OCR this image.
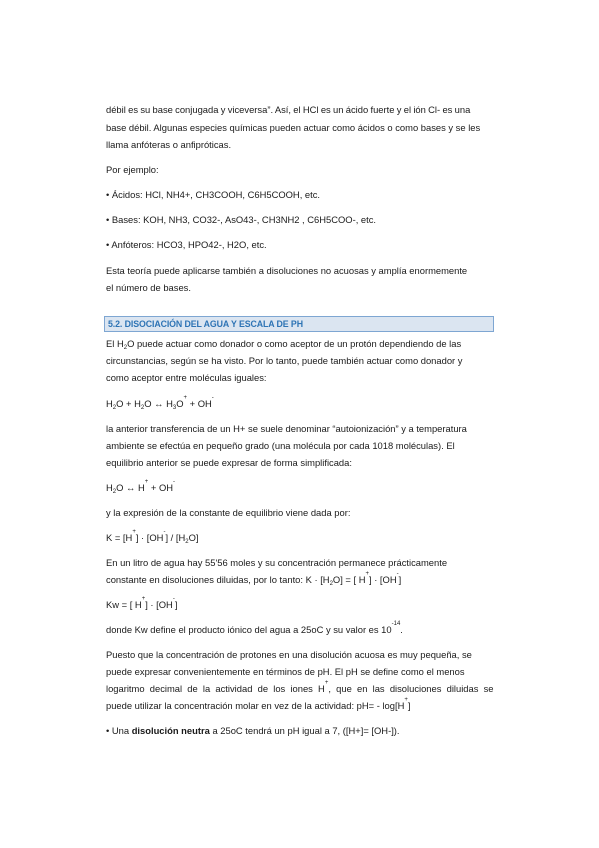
débil es su base conjugada y viceversa”. Así, el HCl es un ácido fuerte y el ión Cl- es una

base débil. Algunas especies químicas pueden actuar como ácidos o como bases y se les

llama anfóteras o anfipróticas.

Por ejemplo:

• Ácidos: HCl, NH4+, CH3COOH, C6H5COOH, etc.

• Bases: KOH, NH3, CO32-, AsO43-, CH3NH2 , C6H5COO-, etc.

• Anfóteros: HCO3, HPO42-, H2O, etc.

Esta teoría puede aplicarse también a disoluciones no acuosas y amplía enormemente

el número de bases.

5.2. DISOCIACIÓN DEL AGUA Y ESCALA DE PH

El $H_2O$ puede actuar como donador o como aceptor de un protón dependiendo de las

circunstancias, según se ha visto. Por lo tanto, puede también actuar como donador y

como aceptor entre moléculas iguales:

$H_2O + H_2O$ ↔ $H_3O^+ + OH^-$

la anterior transferencia de un H+ se suele denominar “autoionización” y a temperatura

ambiente se efectúa en pequeño grado (una molécula por cada 1018 moléculas). El

equilibrio anterior se puede expresar de forma simplificada:

$H_2O$ ↔ H+ + OH-

y la expresión de la constante de equilibrio viene dada por:

$K = [H^+] \cdot [OH^-] / [H_2O]$

En un litro de agua hay 55'56 moles y su concentración permanece prácticamente

constante en disoluciones diluidas, por lo tanto: $K \cdot [H_2O]$ = [ H+] · [OH-]

Kw = [ H+] · [OH-]

donde Kw define el producto iónico del agua a 25oC y su valor es $10^{-14}$.

Puesto que la concentración de protones en una disolución acuosa es muy pequeña, se

puede expresar convenientemente en términos de pH. El pH se define como el menos

logaritmo decimal de la actividad de los iones H+, que en las disoluciones diluidas se

puede utilizar la concentración molar en vez de la actividad: pH= - log[H+]

• Una disolución neutra a 25oC tendrá un pH igual a 7, ([H+]= [OH-]).
